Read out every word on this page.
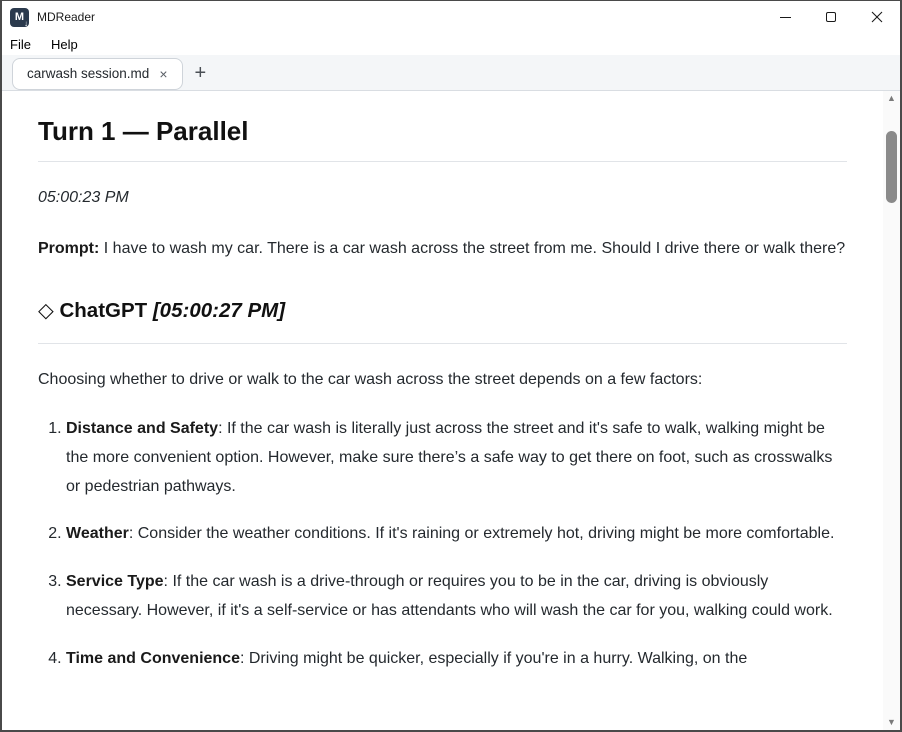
M ↓ MDReader
File Help
carwash session.md × +
Turn 1 — Parallel

05:00:23 PM

Prompt: I have to wash my car. There is a car wash across the street from me. Should I drive there or walk there?

◇ ChatGPT [05:00:27 PM]

Choosing whether to drive or walk to the car wash across the street depends on a few factors:

1. Distance and Safety: If the car wash is literally just across the street and it's safe to walk, walking might be the more convenient option. However, make sure there’s a safe way to get there on foot, such as crosswalks or pedestrian pathways.
2. Weather: Consider the weather conditions. If it's raining or extremely hot, driving might be more comfortable.
3. Service Type: If the car wash is a drive-through or requires you to be in the car, driving is obviously necessary. However, if it's a self-service or has attendants who will wash the car for you, walking could work.
4. Time and Convenience: Driving might be quicker, especially if you're in a hurry. Walking, on the
▲
▼
